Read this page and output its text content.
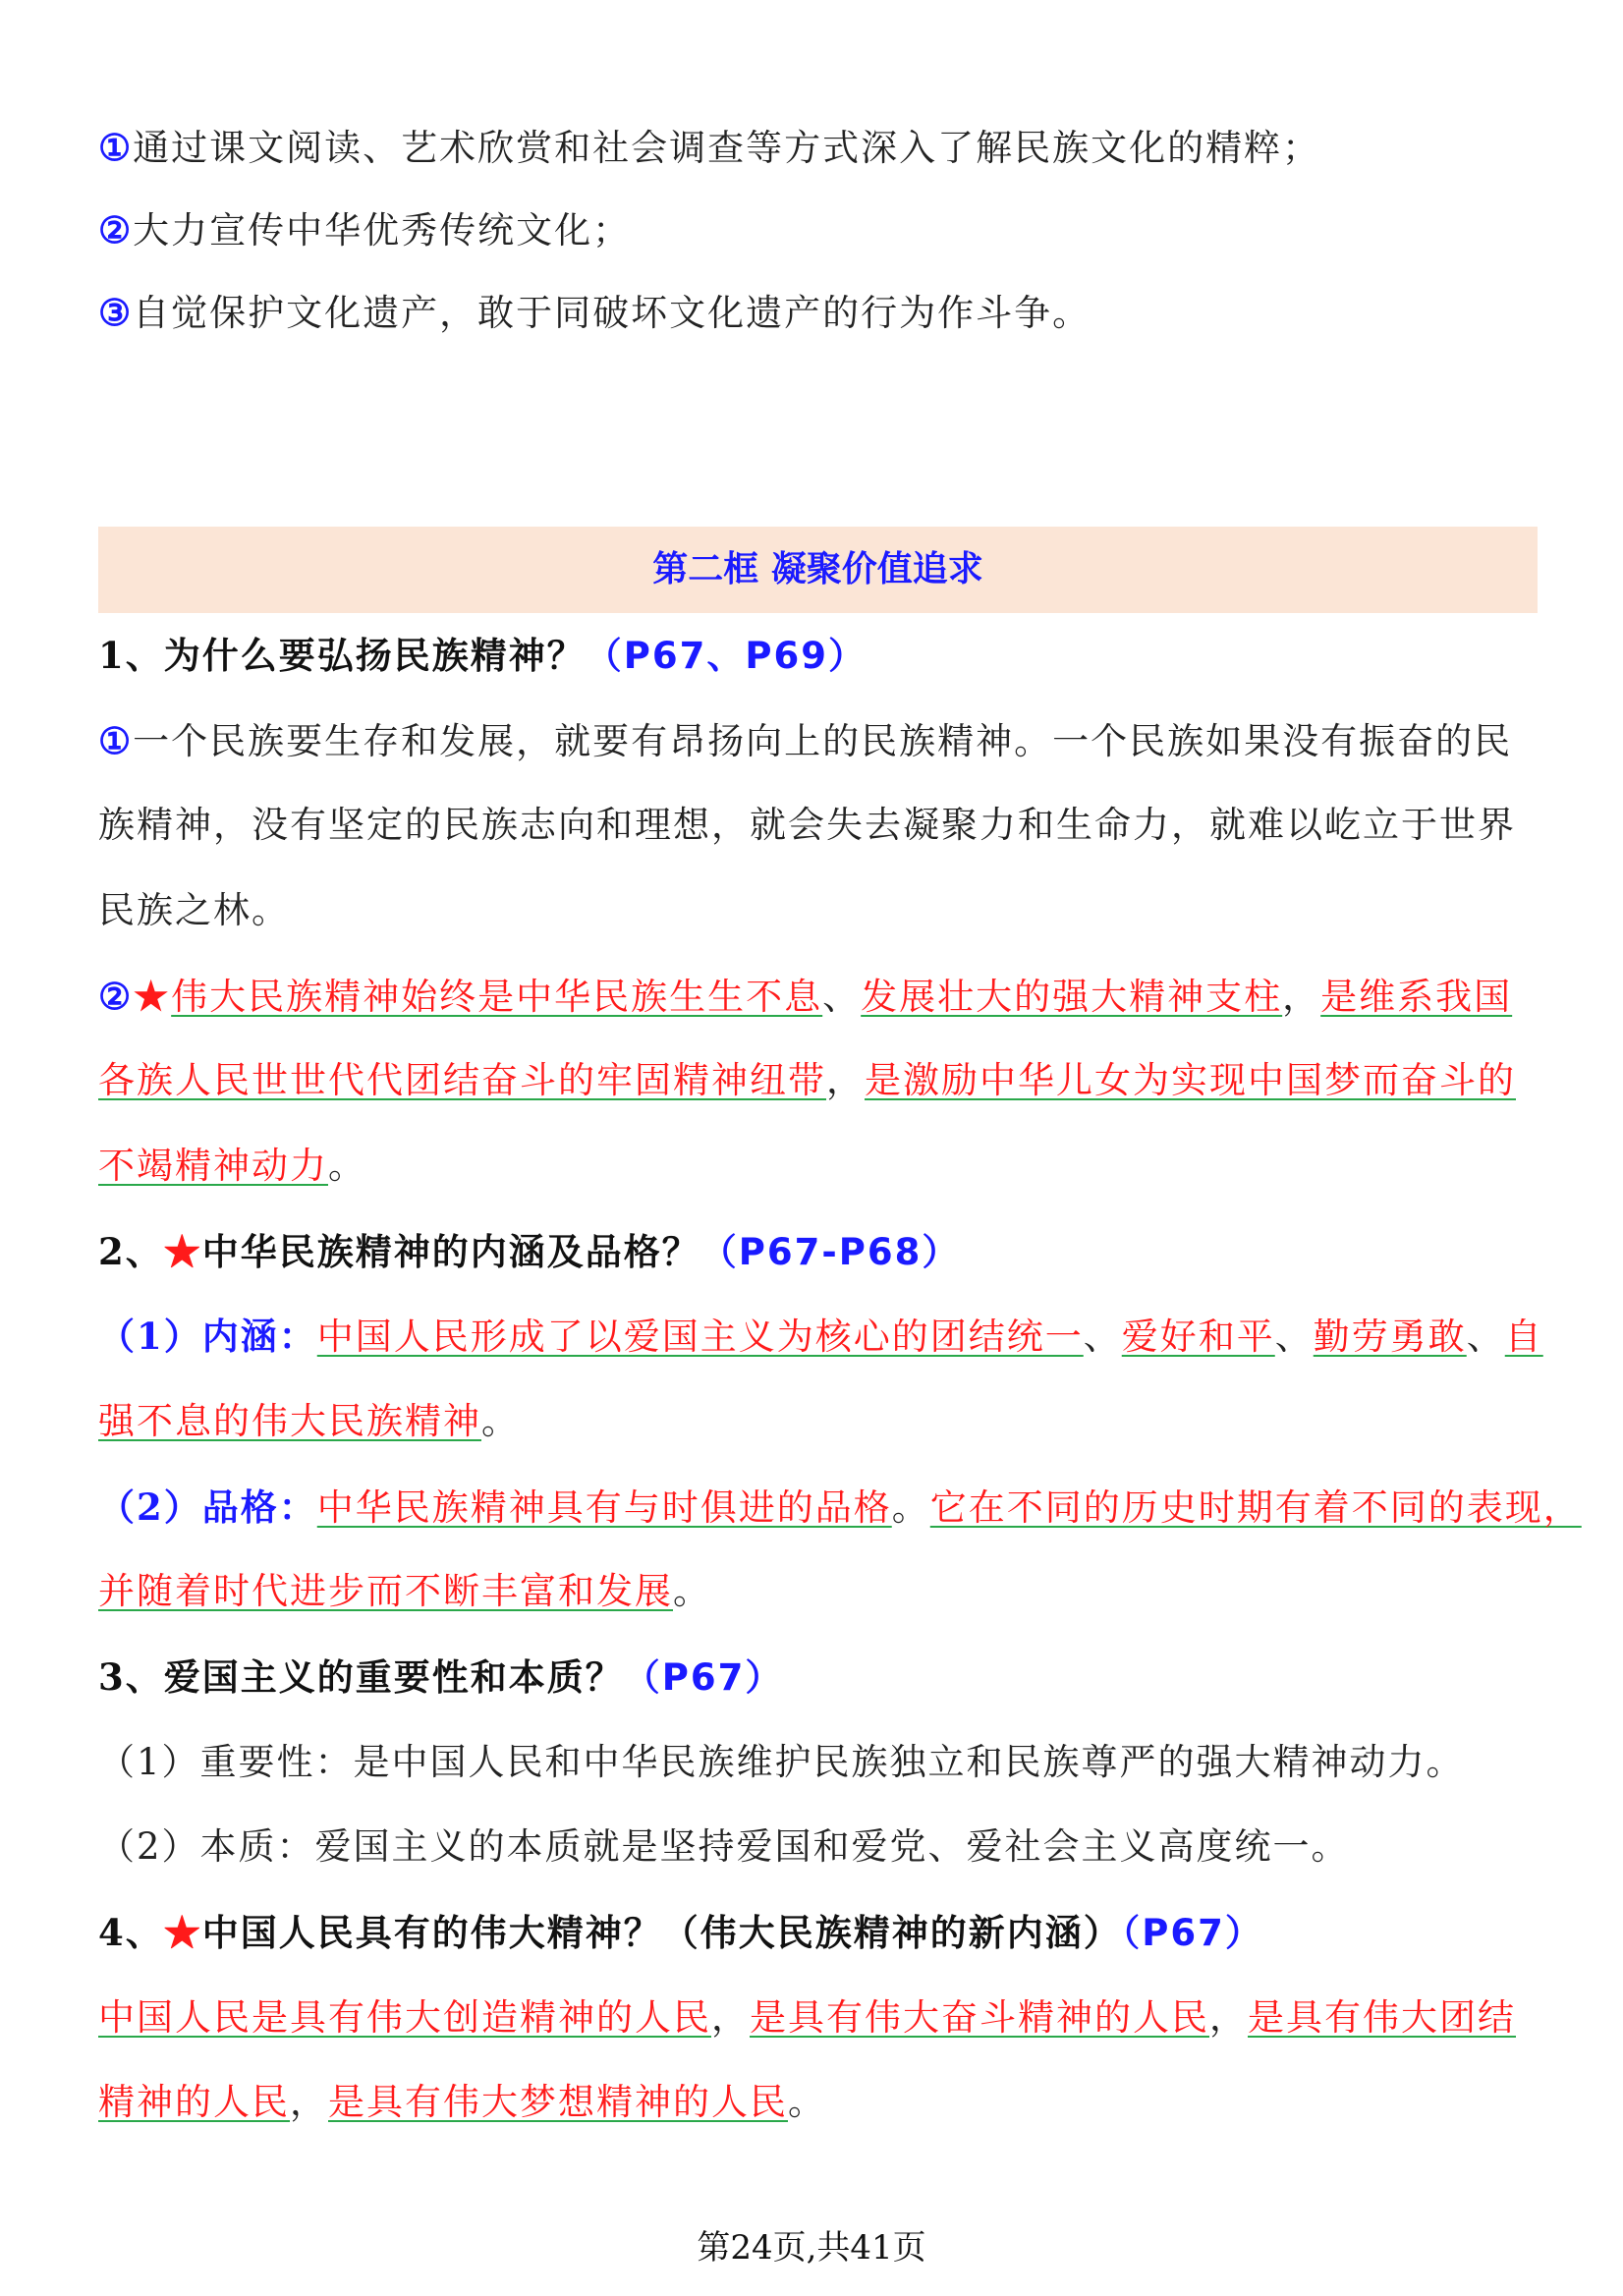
①通过课文阅读、艺术欣赏和社会调查等方式深入了解民族文化的精粹；
②大力宣传中华优秀传统文化；
③自觉保护文化遗产，敢于同破坏文化遗产的行为作斗争。
第二框 凝聚价值追求
1、为什么要弘扬民族精神？（P67、P69）
①一个民族要生存和发展，就要有昂扬向上的民族精神。一个民族如果没有振奋的民
族精神，没有坚定的民族志向和理想，就会失去凝聚力和生命力，就难以屹立于世界
民族之林。
②★伟大民族精神始终是中华民族生生不息、发展壮大的强大精神支柱，是维系我国
各族人民世世代代团结奋斗的牢固精神纽带，是激励中华儿女为实现中国梦而奋斗的
不竭精神动力。
2、★中华民族精神的内涵及品格？（P67-P68）
（1）内涵：中国人民形成了以爱国主义为核心的团结统一、爱好和平、勤劳勇敢、自
强不息的伟大民族精神。
（2）品格：中华民族精神具有与时俱进的品格。它在不同的历史时期有着不同的表现，
并随着时代进步而不断丰富和发展。
3、爱国主义的重要性和本质？（P67）
（1）重要性：是中国人民和中华民族维护民族独立和民族尊严的强大精神动力。
（2）本质：爱国主义的本质就是坚持爱国和爱党、爱社会主义高度统一。
4、★中国人民具有的伟大精神？（伟大民族精神的新内涵）（P67）
中国人民是具有伟大创造精神的人民，是具有伟大奋斗精神的人民，是具有伟大团结
精神的人民，是具有伟大梦想精神的人民。
第24页,共41页
